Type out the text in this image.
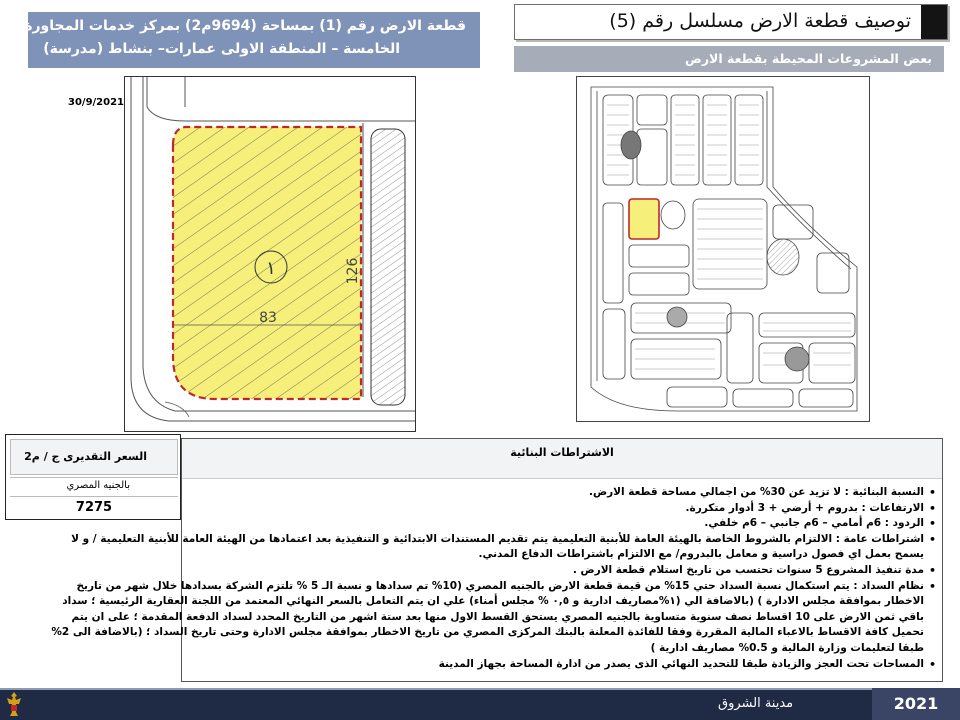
توصيف قطعة الارض مسلسل رقم (5)
بعض المشروعات المحيطة بقطعة الارض
قطعة الارض رقم (1) بمساحة (9694م2) بمركز خدمات المجاورة
الخامسة – المنطقة الاولى عمارات– بنشاط (مدرسة)
30/9/2021
١
83
126
السعر التقديرى ج / م2
بالجنيه المصري
7275
الاشتراطات البنائية
• النسبة البنائية : لا تزيد عن 30% من اجمالي مساحة قطعة الارض.
• الارتفاعات : بدروم + أرضي + 3 أدوار متكررة.
• الردود : 6م أمامي – 6م جانبي – 6م خلفي.
• اشتراطات عامة : الالتزام بالشروط الخاصة بالهيئة العامة للأبنية التعليمية يتم تقديم المستندات الابتدائية و التنفيذية بعد اعتمادها من الهيئة العامة للأبنية التعليمية / و لا يسمح بعمل اي فصول دراسية و معامل بالبدروم/ مع الالتزام باشتراطات الدفاع المدني.
• مدة تنفيذ المشروع 5 سنوات تحتسب من تاريخ استلام قطعة الارض .
• نظام السداد : يتم استكمال نسبة السداد حتي 15% من قيمة قطعة الارض بالجنيه المصري (10% تم سدادها و نسبة الـ 5 % تلتزم الشركة بسدادها خلال شهر من تاريخ الاخطار بموافقة مجلس الادارة ) (بالاضافة الي (١%مصاريف ادارية و ٠,٥ % مجلس أمناء) علي ان يتم التعامل بالسعر النهائي المعتمد من اللجنة العقارية الرئيسية ؛ سداد باقي ثمن الارض على 10 اقساط نصف سنوية متساوية بالجنيه المصري يستحق القسط الاول منها بعد ستة اشهر من التاريخ المحدد لسداد الدفعة المقدمة ؛ على ان يتم تحميل كافة الاقساط بالاعباء المالية المقررة وفقا للفائدة المعلنة بالبنك المركزى المصري من تاريخ الاخطار بموافقة مجلس الادارة وحتى تاريخ السداد ؛ (بالاضافة الى 2% طبقا لتعليمات وزارة المالية و 0.5% مصاريف ادارية )
• المساحات تحت العجز والزيادة طبقا للتحديد النهائي الذى يصدر من ادارة المساحة بجهاز المدينة
مدينة الشروق	2021
